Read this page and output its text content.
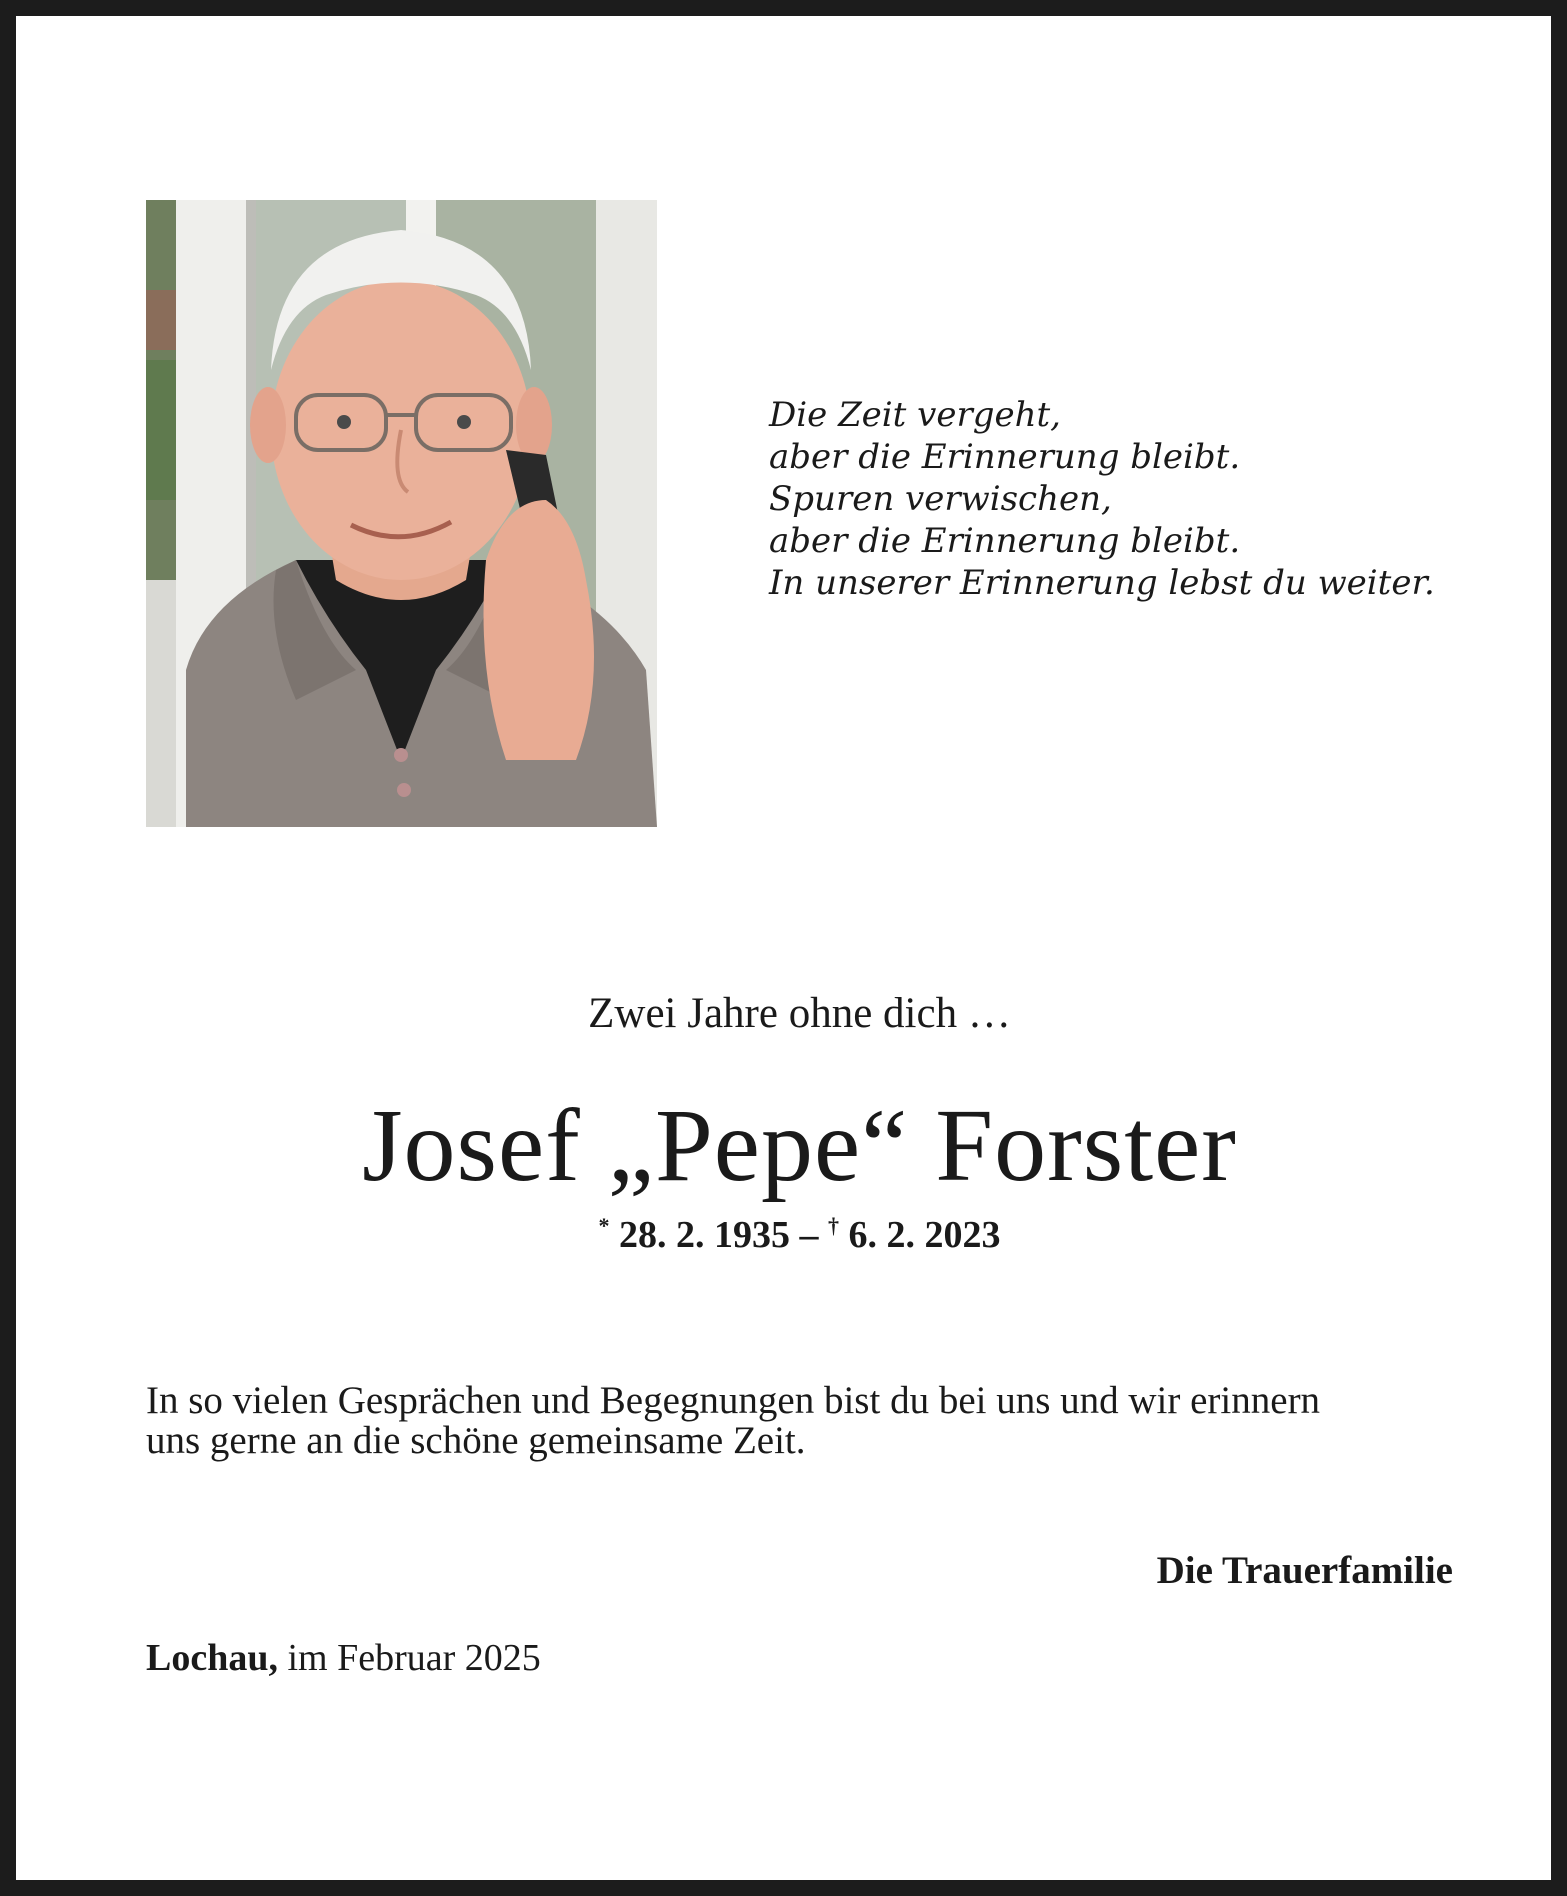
Die Zeit vergeht,
aber die Erinnerung bleibt.
Spuren verwischen,
aber die Erinnerung bleibt.
In unserer Erinnerung lebst du weiter.
Zwei Jahre ohne dich …
Josef „Pepe“ Forster
* 28. 2. 1935 – † 6. 2. 2023
In so vielen Gesprächen und Begegnungen bist du bei uns und wir erinnern
uns gerne an die schöne gemeinsame Zeit.
Die Trauerfamilie
Lochau, im Februar 2025
